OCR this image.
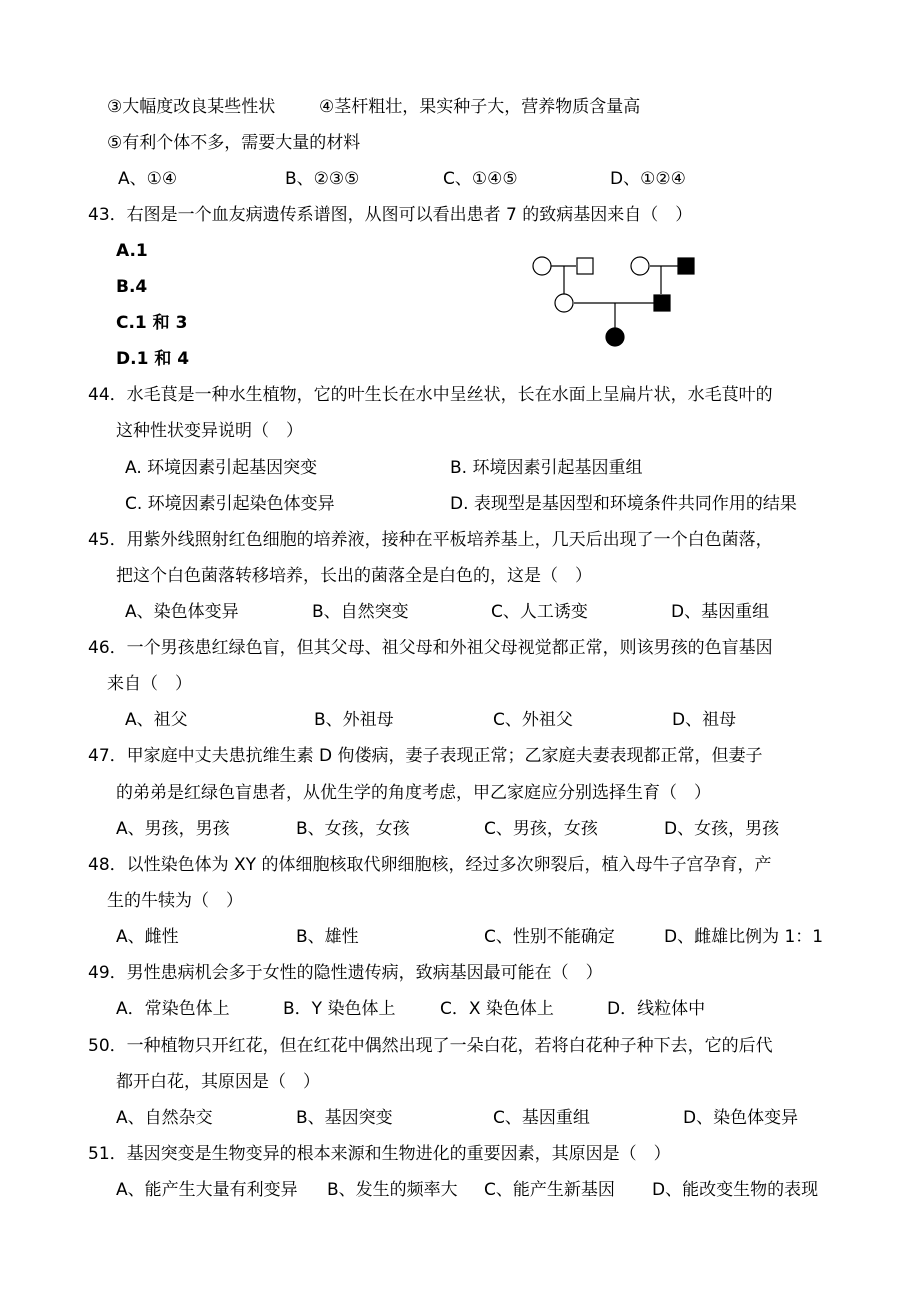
③大幅度改良某些性状	④茎杆粗壮，果实种子大，营养物质含量高
⑤有利个体不多，需要大量的材料
A、①④	B、②③⑤	C、①④⑤	D、①②④
43．右图是一个血友病遗传系谱图，从图可以看出患者 7 的致病基因来自（　）
A.1
B.4
C.1 和 3
D.1 和 4
44．水毛茛是一种水生植物，它的叶生长在水中呈丝状，长在水面上呈扁片状，水毛茛叶的
这种性状变异说明（　）
A. 环境因素引起基因突变	B. 环境因素引起基因重组
C. 环境因素引起染色体变异	D. 表现型是基因型和环境条件共同作用的结果
45．用紫外线照射红色细胞的培养液，接种在平板培养基上，几天后出现了一个白色菌落，
把这个白色菌落转移培养，长出的菌落全是白色的，这是（　）
A、染色体变异	B、自然突变	C、人工诱变	D、基因重组
46．一个男孩患红绿色盲，但其父母、祖父母和外祖父母视觉都正常，则该男孩的色盲基因
来自（　）
A、祖父	B、外祖母	C、外祖父	D、祖母
47．甲家庭中丈夫患抗维生素 D 佝偻病，妻子表现正常；乙家庭夫妻表现都正常，但妻子
的弟弟是红绿色盲患者，从优生学的角度考虑，甲乙家庭应分别选择生育（　）
A、男孩，男孩	B、女孩，女孩	C、男孩，女孩	D、女孩，男孩
48．以性染色体为 XY 的体细胞核取代卵细胞核，经过多次卵裂后，植入母牛子宫孕育，产
生的牛犊为（　）
A、雌性	B、雄性	C、性别不能确定	D、雌雄比例为 1：1
49．男性患病机会多于女性的隐性遗传病，致病基因最可能在（　）
A．常染色体上	B．Y 染色体上	C．X 染色体上	D．线粒体中
50．一种植物只开红花，但在红花中偶然出现了一朵白花，若将白花种子种下去，它的后代
都开白花，其原因是（　）
A、自然杂交	B、基因突变	C、基因重组	D、染色体变异
51．基因突变是生物变异的根本来源和生物进化的重要因素，其原因是（　）
A、能产生大量有利变异 B、发生的频率大 C、能产生新基因 D、能改变生物的表现
